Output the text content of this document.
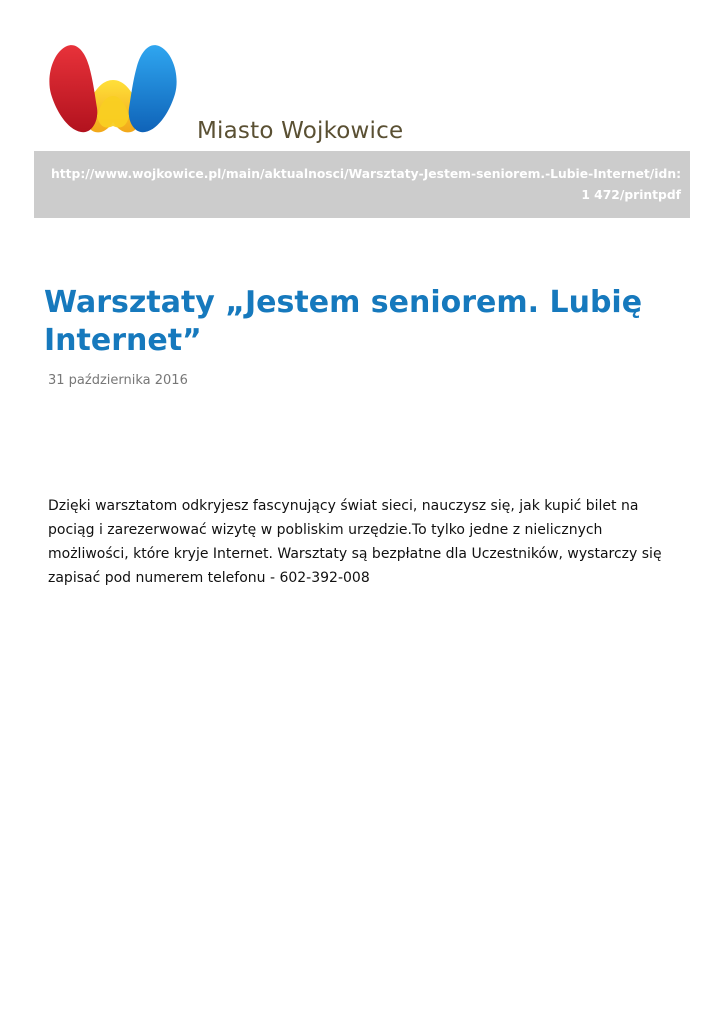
Miasto Wojkowice
http://www.wojkowice.pl/main/aktualnosci/Warsztaty-Jestem-seniorem.-Lubie-Internet/idn:1 472/printpdf
Warsztaty „Jestem seniorem. Lubię Internet”
31 października 2016

Dzięki warsztatom odkryjesz fascynujący świat sieci, nauczysz się, jak kupić bilet na pociąg i zarezerwować wizytę w pobliskim urzędzie.To tylko jedne z nielicznych możliwości, które kryje Internet. Warsztaty są bezpłatne dla Uczestników, wystarczy się zapisać pod numerem telefonu - 602-392-008
